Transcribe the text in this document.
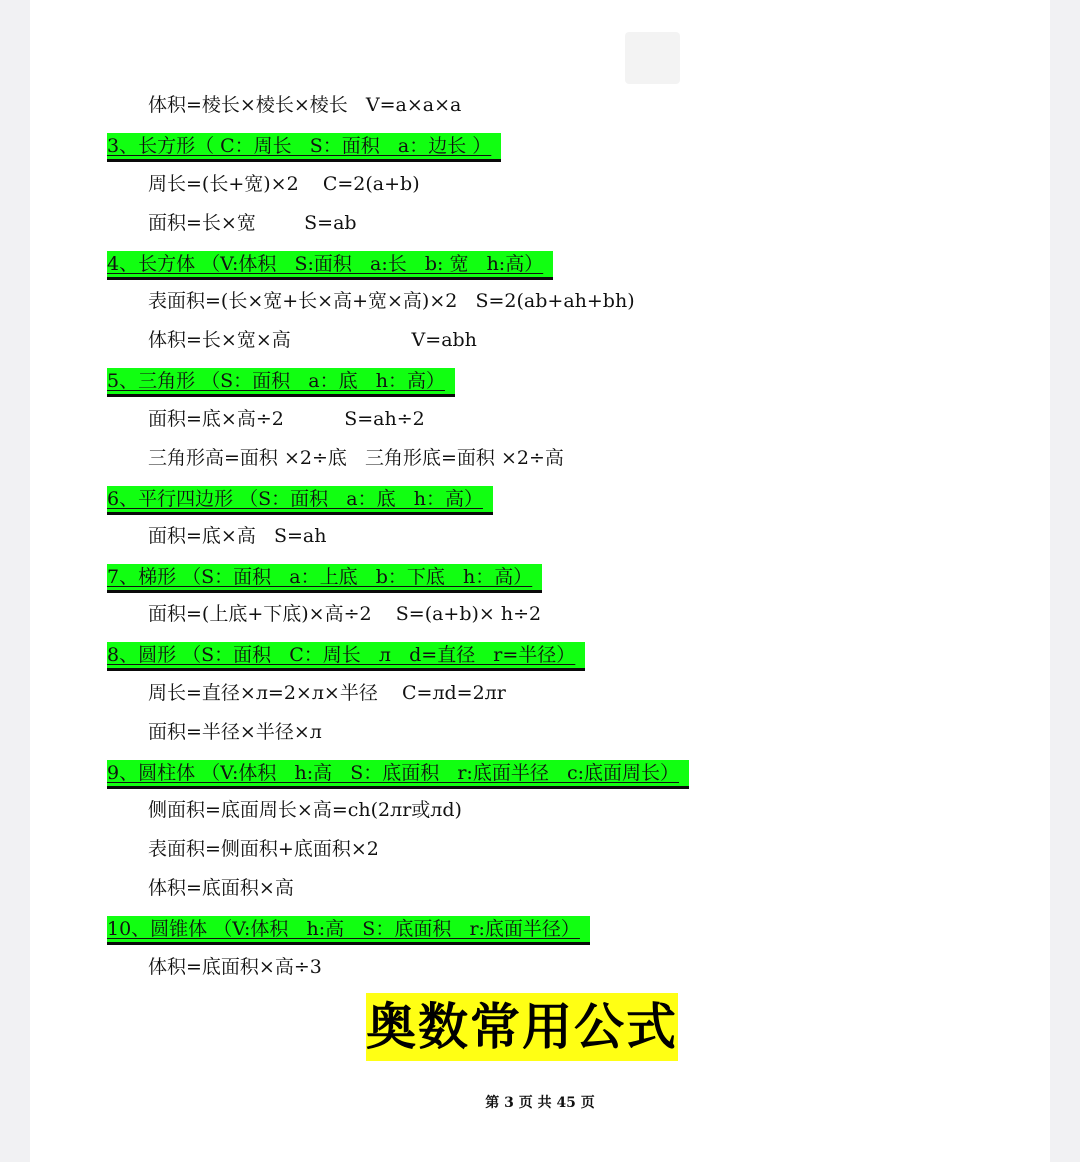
体积=棱长×棱长×棱长   V=a×a×a
3、长方形（ C：周长   S：面积   a：边长 ）
周长=(长+宽)×2    C=2(a+b)
面积=长×宽        S=ab
4、长方体 （V:体积   S:面积   a:长   b: 宽   h:高）
表面积=(长×宽+长×高+宽×高)×2   S=2(ab+ah+bh)
体积=长×宽×高                    V=abh
5、三角形 （S：面积   a：底   h：高）
面积=底×高÷2          S=ah÷2
三角形高=面积 ×2÷底   三角形底=面积 ×2÷高
6、平行四边形 （S：面积   a：底   h：高）
面积=底×高   S=ah
7、梯形 （S：面积   a：上底   b：下底   h：高）
面积=(上底+下底)×高÷2    S=(a+b)× h÷2
8、圆形 （S：面积   C：周长   л   d=直径   r=半径）
周长=直径×л=2×л×半径    C=лd=2лr
面积=半径×半径×л
9、圆柱体 （V:体积   h:高   S：底面积   r:底面半径   c:底面周长）
侧面积=底面周长×高=ch(2лr或лd)
表面积=侧面积+底面积×2
体积=底面积×高
10、圆锥体 （V:体积   h:高   S：底面积   r:底面半径）
体积=底面积×高÷3
奥数常用公式
第 3 页 共 45 页
